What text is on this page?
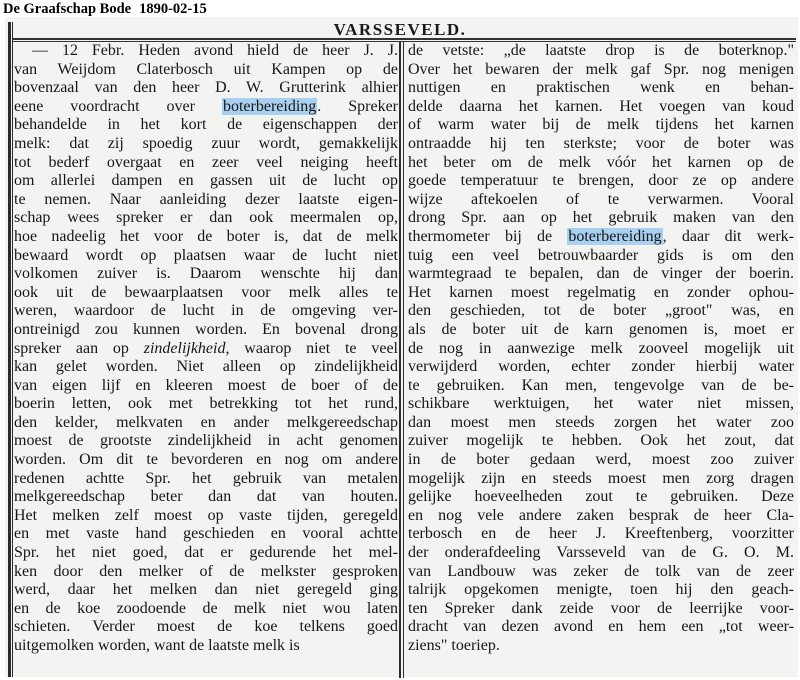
De Graafschap Bode 1890-02-15
VARSSEVELD.
— 12 Febr. Heden avond hield de heer J. J.
van Weijdom Claterbosch uit Kampen op de
bovenzaal van den heer D. W. Grutterink alhier
eene voordracht over boterbereiding. Spreker
behandelde in het kort de eigenschappen der
melk: dat zij spoedig zuur wordt, gemakkelijk
tot bederf overgaat en zeer veel neiging heeft
om allerlei dampen en gassen uit de lucht op
te nemen. Naar aanleiding dezer laatste eigen-
schap wees spreker er dan ook meermalen op,
hoe nadeelig het voor de boter is, dat de melk
bewaard wordt op plaatsen waar de lucht niet
volkomen zuiver is. Daarom wenschte hij dan
ook uit de bewaarplaatsen voor melk alles te
weren, waardoor de lucht in de omgeving ver-
ontreinigd zou kunnen worden. En bovenal drong
spreker aan op zindelijkheid, waarop niet te veel
kan gelet worden. Niet alleen op zindelijkheid
van eigen lijf en kleeren moest de boer of de
boerin letten, ook met betrekking tot het rund,
den kelder, melkvaten en ander melkgereedschap
moest de grootste zindelijkheid in acht genomen
worden. Om dit te bevorderen en nog om andere
redenen achtte Spr. het gebruik van metalen
melkgereedschap beter dan dat van houten.
Het melken zelf moest op vaste tijden, geregeld
en met vaste hand geschieden en vooral achtte
Spr. het niet goed, dat er gedurende het mel-
ken door den melker of de melkster gesproken
werd, daar het melken dan niet geregeld ging
en de koe zoodoende de melk niet wou laten
schieten. Verder moest de koe telkens goed
uitgemolken worden, want de laatste melk is
de vetste: „de laatste drop is de boterknop."
Over het bewaren der melk gaf Spr. nog menigen
nuttigen en praktischen wenk en behan-
delde daarna het karnen. Het voegen van koud
of warm water bij de melk tijdens het karnen
ontraadde hij ten sterkste; voor de boter was
het beter om de melk vóór het karnen op de
goede temperatuur te brengen, door ze op andere
wijze aftekoelen of te verwarmen. Vooral
drong Spr. aan op het gebruik maken van den
thermometer bij de boterbereiding, daar dit werk-
tuig een veel betrouwbaarder gids is om den
warmtegraad te bepalen, dan de vinger der boerin.
Het karnen moest regelmatig en zonder ophou-
den geschieden, tot de boter „groot" was, en
als de boter uit de karn genomen is, moet er
de nog in aanwezige melk zooveel mogelijk uit
verwijderd worden, echter zonder hierbij water
te gebruiken. Kan men, tengevolge van de be-
schikbare werktuigen, het water niet missen,
dan moest men steeds zorgen het water zoo
zuiver mogelijk te hebben. Ook het zout, dat
in de boter gedaan werd, moest zoo zuiver
mogelijk zijn en steeds moest men zorg dragen
gelijke hoeveelheden zout te gebruiken. Deze
en nog vele andere zaken besprak de heer Cla-
terbosch en de heer J. Kreeftenberg, voorzitter
der onderafdeeling Varsseveld van de G. O. M.
van Landbouw was zeker de tolk van de zeer
talrijk opgekomen menigte, toen hij den geach-
ten Spreker dank zeide voor de leerrijke voor-
dracht van dezen avond en hem een „tot weer-
ziens" toeriep.
